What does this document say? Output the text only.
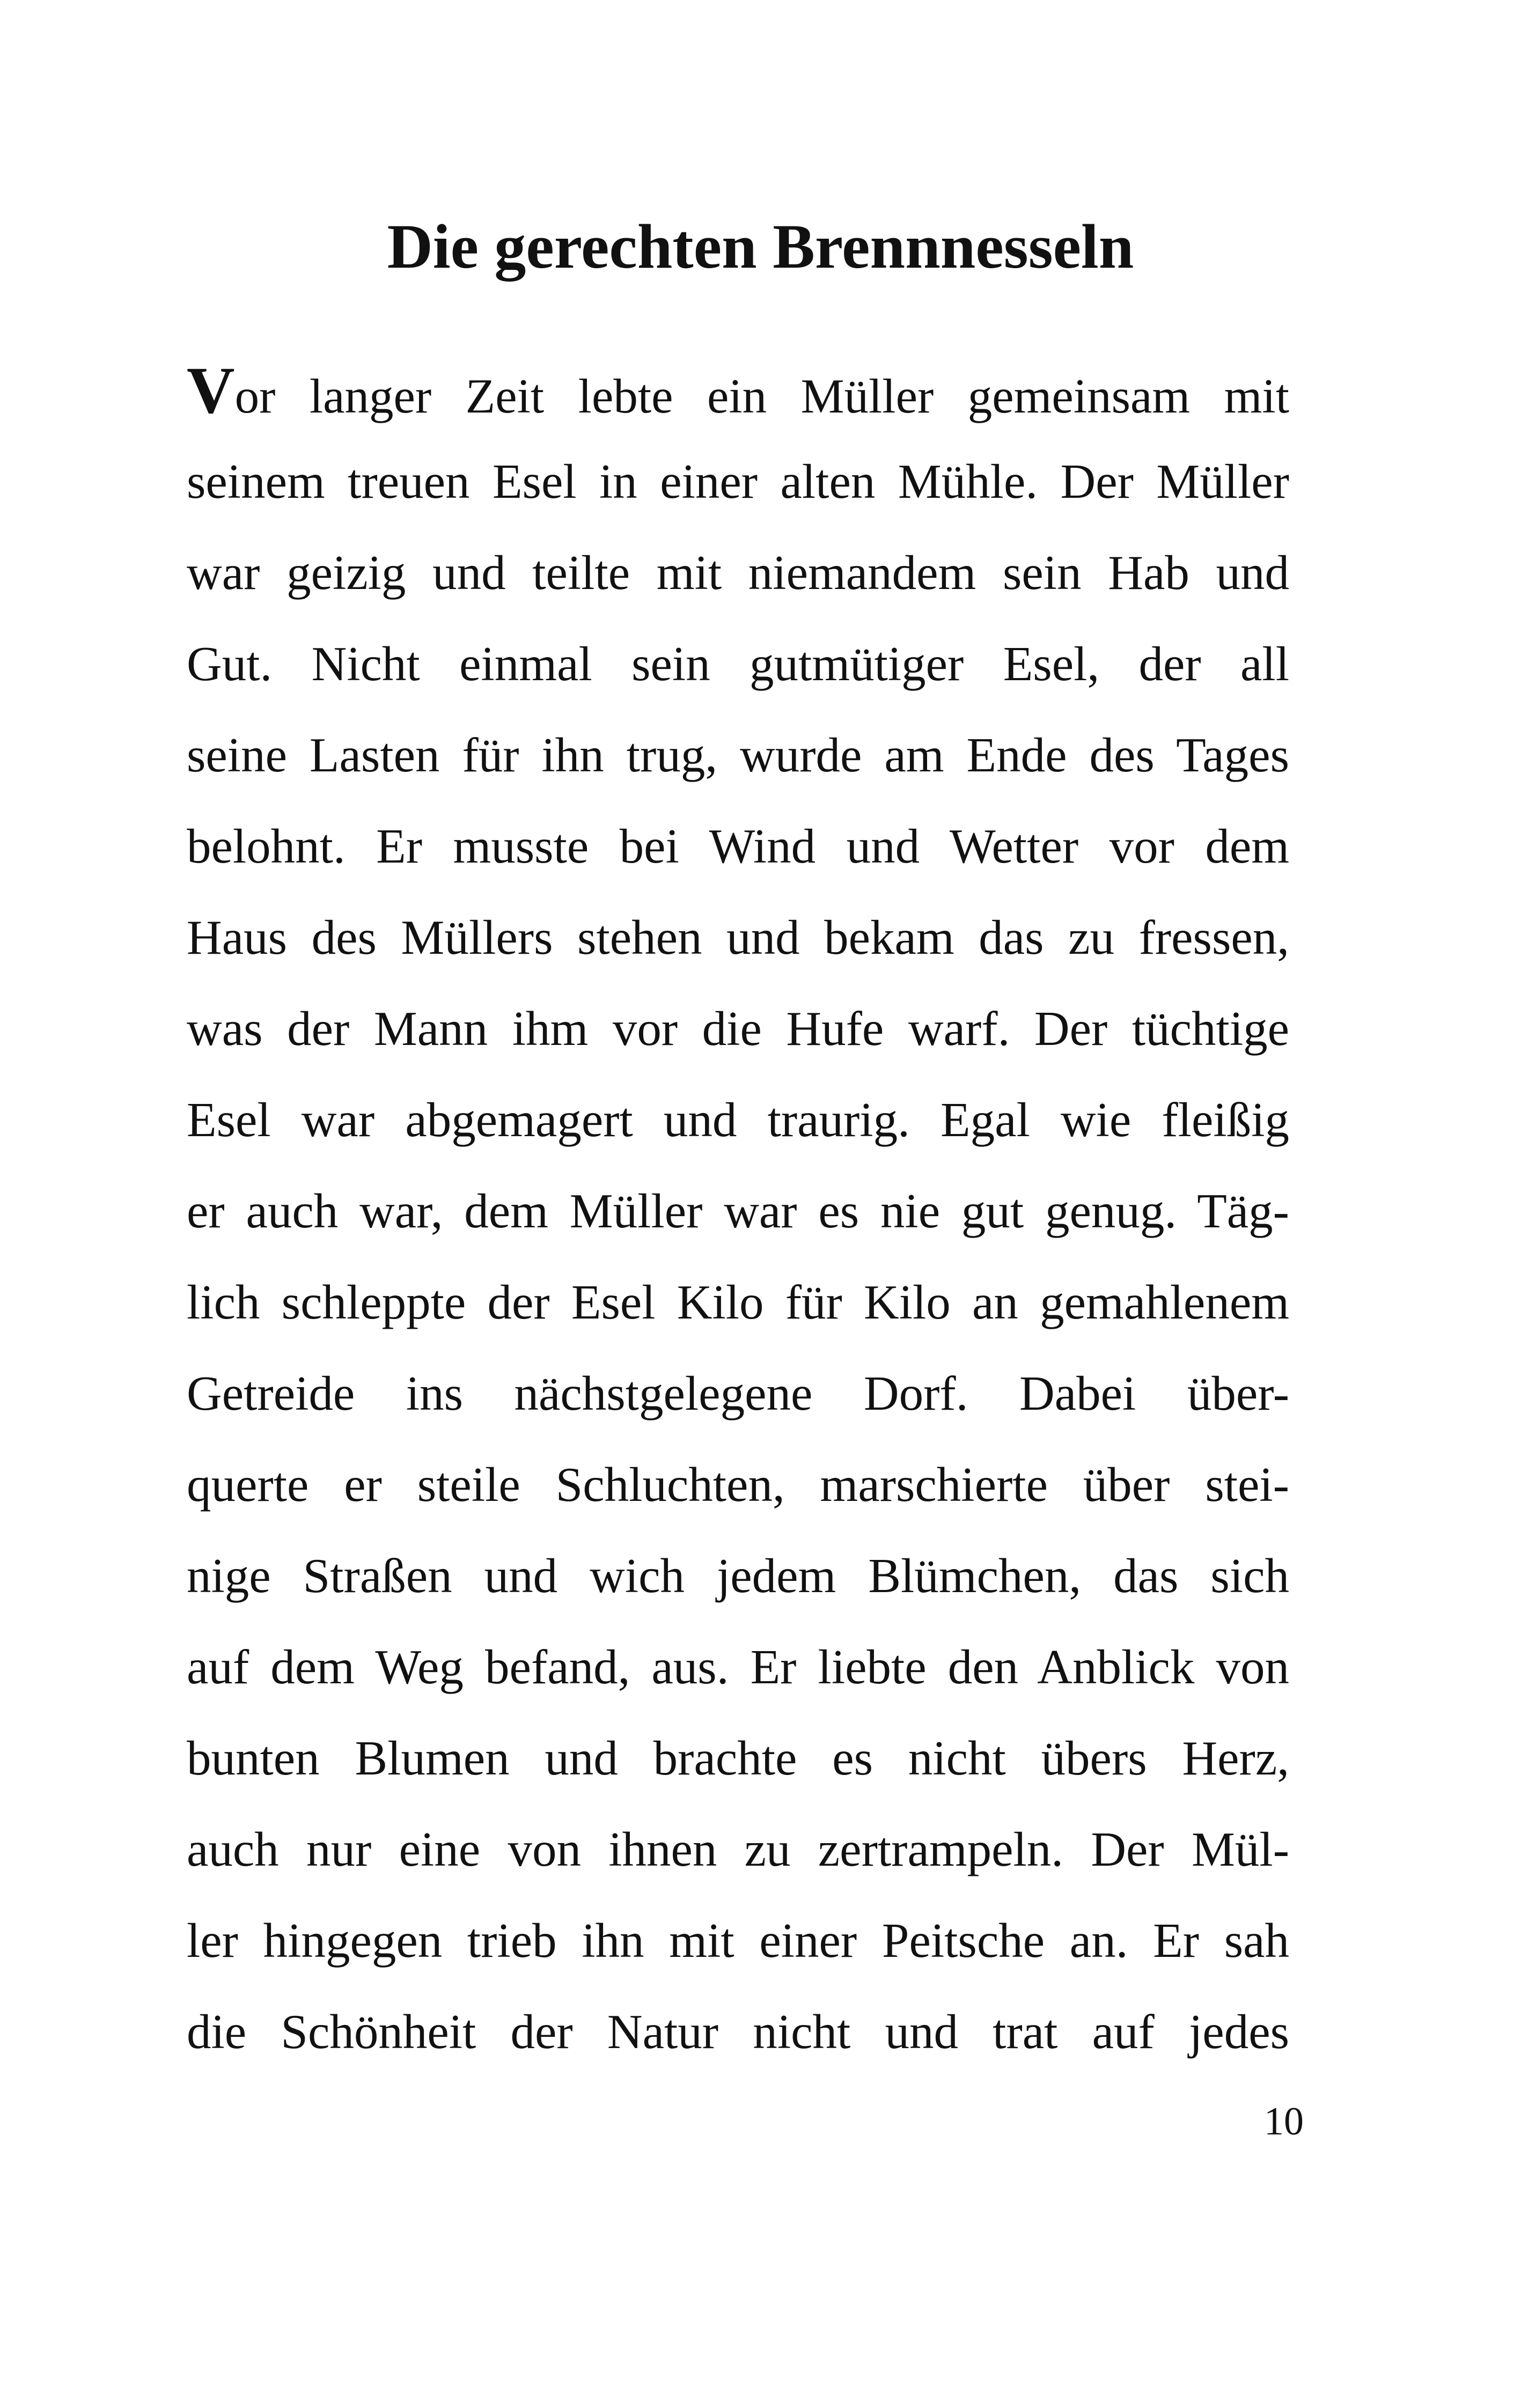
Die gerechten Brennnesseln
Vor langer Zeit lebte ein Müller gemeinsam mit
seinem treuen Esel in einer alten Mühle. Der Müller
war geizig und teilte mit niemandem sein Hab und
Gut. Nicht einmal sein gutmütiger Esel, der all
seine Lasten für ihn trug, wurde am Ende des Tages
belohnt. Er musste bei Wind und Wetter vor dem
Haus des Müllers stehen und bekam das zu fressen,
was der Mann ihm vor die Hufe warf. Der tüchtige
Esel war abgemagert und traurig. Egal wie fleißig
er auch war, dem Müller war es nie gut genug. Täg-
lich schleppte der Esel Kilo für Kilo an gemahlenem
Getreide ins nächstgelegene Dorf. Dabei über-
querte er steile Schluchten, marschierte über stei-
nige Straßen und wich jedem Blümchen, das sich
auf dem Weg befand, aus. Er liebte den Anblick von
bunten Blumen und brachte es nicht übers Herz,
auch nur eine von ihnen zu zertrampeln. Der Mül-
ler hingegen trieb ihn mit einer Peitsche an. Er sah
die Schönheit der Natur nicht und trat auf jedes
10
